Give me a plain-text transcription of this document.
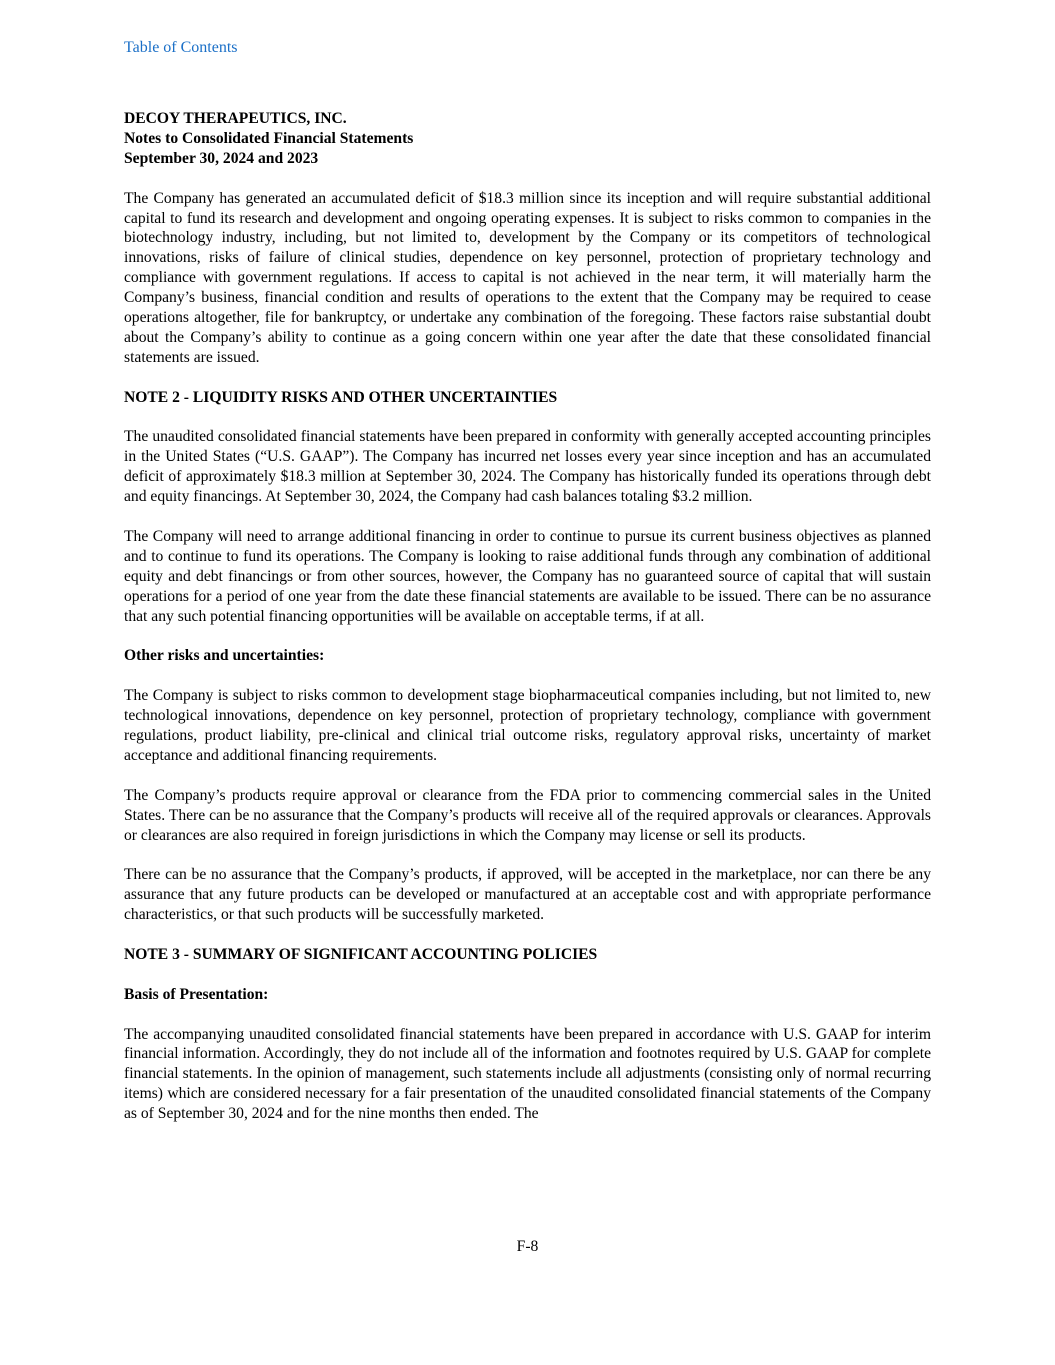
Table of Contents
DECOY THERAPEUTICS, INC.
Notes to Consolidated Financial Statements
September 30, 2024 and 2023

The Company has generated an accumulated deficit of $18.3 million since its inception and will require substantial additional capital to fund its research and development and ongoing operating expenses. It is subject to risks common to companies in the biotechnology industry, including, but not limited to, development by the Company or its competitors of technological innovations, risks of failure of clinical studies, dependence on key personnel, protection of proprietary technology and compliance with government regulations. If access to capital is not achieved in the near term, it will materially harm the Company’s business, financial condition and results of operations to the extent that the Company may be required to cease operations altogether, file for bankruptcy, or undertake any combination of the foregoing. These factors raise substantial doubt about the Company’s ability to continue as a going concern within one year after the date that these consolidated financial statements are issued.

NOTE 2 - LIQUIDITY RISKS AND OTHER UNCERTAINTIES

The unaudited consolidated financial statements have been prepared in conformity with generally accepted accounting principles in the United States (“U.S. GAAP”). The Company has incurred net losses every year since inception and has an accumulated deficit of approximately $18.3 million at September 30, 2024. The Company has historically funded its operations through debt and equity financings. At September 30, 2024, the Company had cash balances totaling $3.2 million.

The Company will need to arrange additional financing in order to continue to pursue its current business objectives as planned and to continue to fund its operations. The Company is looking to raise additional funds through any combination of additional equity and debt financings or from other sources, however, the Company has no guaranteed source of capital that will sustain operations for a period of one year from the date these financial statements are available to be issued. There can be no assurance that any such potential financing opportunities will be available on acceptable terms, if at all.

Other risks and uncertainties:

The Company is subject to risks common to development stage biopharmaceutical companies including, but not limited to, new technological innovations, dependence on key personnel, protection of proprietary technology, compliance with government regulations, product liability, pre-clinical and clinical trial outcome risks, regulatory approval risks, uncertainty of market acceptance and additional financing requirements.

The Company’s products require approval or clearance from the FDA prior to commencing commercial sales in the United States. There can be no assurance that the Company’s products will receive all of the required approvals or clearances. Approvals or clearances are also required in foreign jurisdictions in which the Company may license or sell its products.

There can be no assurance that the Company’s products, if approved, will be accepted in the marketplace, nor can there be any assurance that any future products can be developed or manufactured at an acceptable cost and with appropriate performance characteristics, or that such products will be successfully marketed.

NOTE 3 - SUMMARY OF SIGNIFICANT ACCOUNTING POLICIES
Basis of Presentation:

The accompanying unaudited consolidated financial statements have been prepared in accordance with U.S. GAAP for interim financial information. Accordingly, they do not include all of the information and footnotes required by U.S. GAAP for complete financial statements. In the opinion of management, such statements include all adjustments (consisting only of normal recurring items) which are considered necessary for a fair presentation of the unaudited consolidated financial statements of the Company as of September 30, 2024 and for the nine months then ended. The

F-8
